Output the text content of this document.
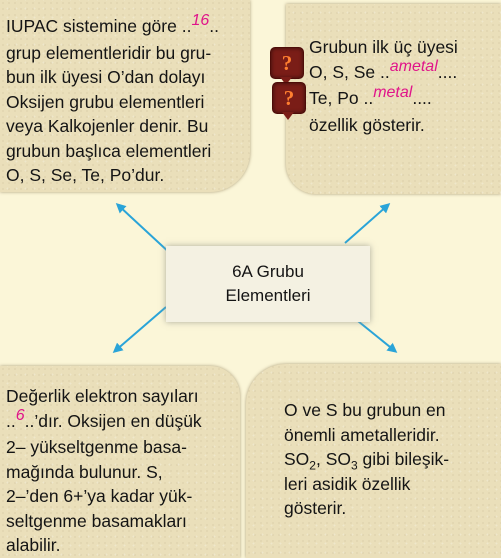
IUPAC sistemine göre ..16..
grup elementleridir bu gru-
bun ilk üyesi O’dan dolayı
Oksijen grubu elementleri
veya Kalkojenler denir. Bu
grubun başlıca elementleri
O, S, Se, Te, Po’dur.
Grubun ilk üç üyesi
O, S, Se ..ametal....
Te, Po ..metal....
özellik gösterir.
?
?
6A Grubu
Elementleri
Değerlik elektron sayıları
..6..’dır. Oksijen en düşük
2– yükseltgenme basa-
mağında bulunur. S,
2–’den 6+’ya kadar yük-
seltgenme basamakları
alabilir.
O ve S bu grubun en
önemli ametalleridir.
$SO_2$, $SO_3$ gibi bileşik-
leri asidik özellik
gösterir.
